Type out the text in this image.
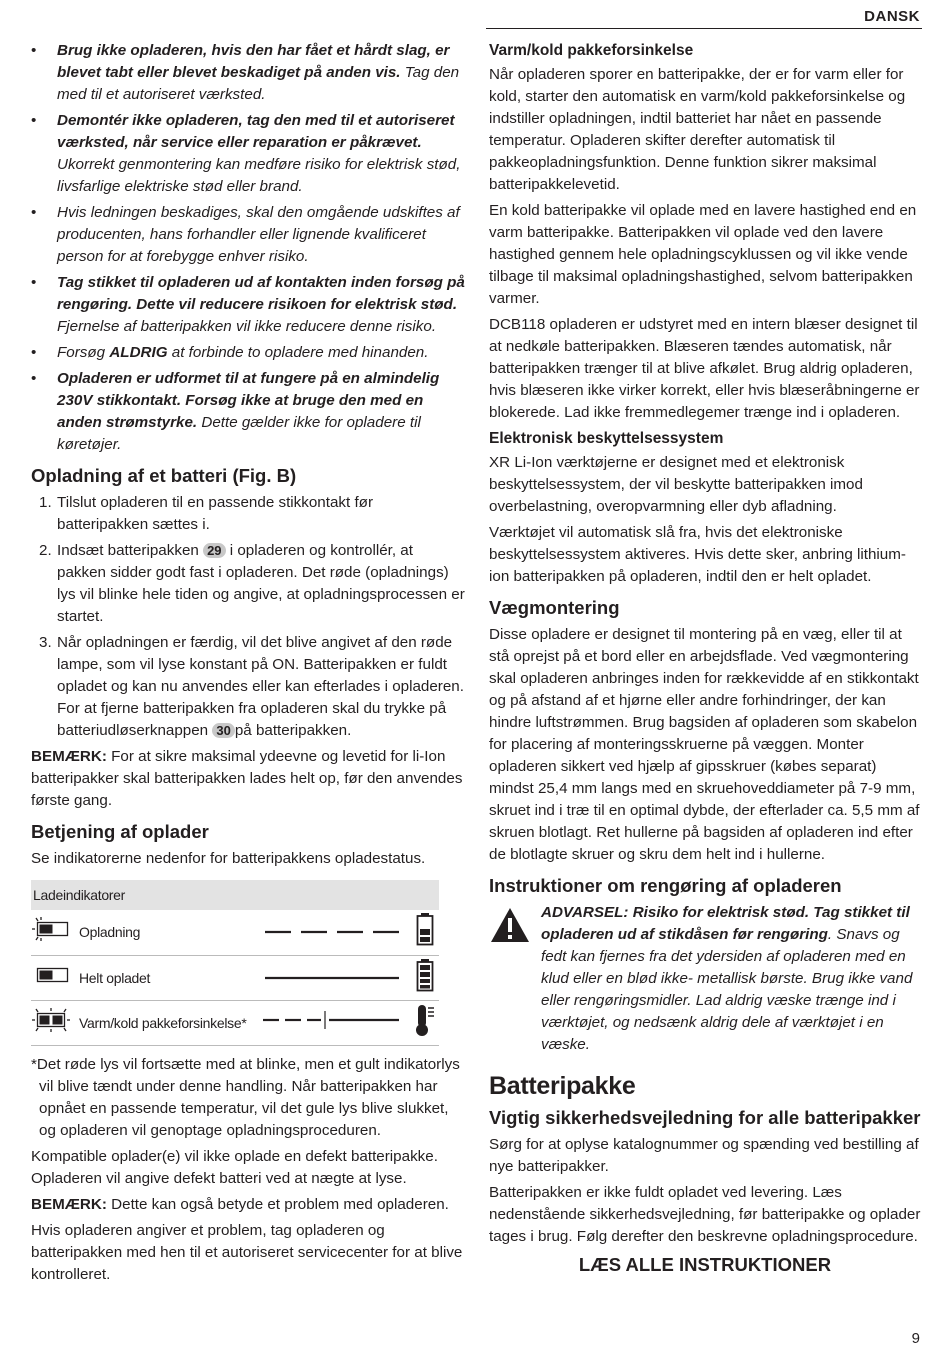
DANSK
• Brug ikke opladeren, hvis den har fået et hårdt slag, er blevet tabt eller blevet beskadiget på anden vis. Tag den med til et autoriseret værksted.
• Demontér ikke opladeren, tag den med til et autoriseret værksted, når service eller reparation er påkrævet. Ukorrekt genmontering kan medføre risiko for elektrisk stød, livsfarlige elektriske stød eller brand.
• Hvis ledningen beskadiges, skal den omgående udskiftes af producenten, hans forhandler eller lignende kvalificeret person for at forebygge enhver risiko.
• Tag stikket til opladeren ud af kontakten inden forsøg på rengøring. Dette vil reducere risikoen for elektrisk stød. Fjernelse af batteripakken vil ikke reducere denne risiko.
• Forsøg ALDRIG at forbinde to opladere med hinanden.
• Opladeren er udformet til at fungere på en almindelig 230V stikkontakt. Forsøg ikke at bruge den med en anden strømstyrke. Dette gælder ikke for opladere til køretøjer.
Opladning af et batteri (Fig. B)
1. Tilslut opladeren til en passende stikkontakt før batteripakken sættes i.
2. Indsæt batteripakken 29 i opladeren og kontrollér, at pakken sidder godt fast i opladeren. Det røde (opladnings) lys vil blinke hele tiden og angive, at opladningsprocessen er startet.
3. Når opladningen er færdig, vil det blive angivet af den røde lampe, som vil lyse konstant på ON. Batteripakken er fuldt opladet og kan nu anvendes eller kan efterlades i opladeren. For at fjerne batteripakken fra opladeren skal du trykke på batteriudløserknappen 30 på batteripakken.

BEMÆRK: For at sikre maksimal ydeevne og levetid for li-Ion batteripakker skal batteripakken lades helt op, før den anvendes første gang.

Betjening af oplader

Se indikatorerne nedenfor for batteripakkens opladestatus.

Ladeindikatorer			
	Opladning		
	Helt opladet		
	Varm/kold pakkeforsinkelse*		

*Det røde lys vil fortsætte med at blinke, men et gult indikatorlys vil blive tændt under denne handling. Når batteripakken har opnået en passende temperatur, vil det gule lys blive slukket, og opladeren vil genoptage opladningsproceduren.

Kompatible oplader(e) vil ikke oplade en defekt batteripakke. Opladeren vil angive defekt batteri ved at nægte at lyse.

BEMÆRK: Dette kan også betyde et problem med opladeren.

Hvis opladeren angiver et problem, tag opladeren og batteripakken med hen til et autoriseret servicecenter for at blive kontrolleret.

Varm/kold pakkeforsinkelse

Når opladeren sporer en batteripakke, der er for varm eller for kold, starter den automatisk en varm/kold pakkeforsinkelse og indstiller opladningen, indtil batteriet har nået en passende temperatur. Opladeren skifter derefter automatisk til pakkeopladningsfunktion. Denne funktion sikrer maksimal batteripakkelevetid.

En kold batteripakke vil oplade med en lavere hastighed end en varm batteripakke. Batteripakken vil oplade ved den lavere hastighed gennem hele opladningscyklussen og vil ikke vende tilbage til maksimal opladningshastighed, selvom batteripakken varmer.

DCB118 opladeren er udstyret med en intern blæser designet til at nedkøle batteripakken. Blæseren tændes automatisk, når batteripakken trænger til at blive afkølet. Brug aldrig opladeren, hvis blæseren ikke virker korrekt, eller hvis blæseråbningerne er blokerede. Lad ikke fremmedlegemer trænge ind i opladeren.

Elektronisk beskyttelsessystem

XR Li-Ion værktøjerne er designet med et elektronisk beskyttelsessystem, der vil beskytte batteripakken imod overbelastning, overopvarmning eller dyb afladning.

Værktøjet vil automatisk slå fra, hvis det elektroniske beskyttelsessystem aktiveres. Hvis dette sker, anbring lithium-ion batteripakken på opladeren, indtil den er helt opladet.

Vægmontering

Disse opladere er designet til montering på en væg, eller til at stå oprejst på et bord eller en arbejdsflade. Ved vægmontering skal opladeren anbringes inden for rækkevidde af en stikkontakt og på afstand af et hjørne eller andre forhindringer, der kan hindre luftstrømmen. Brug bagsiden af opladeren som skabelon for placering af monteringsskruerne på væggen. Monter opladeren sikkert ved hjælp af gipsskruer (købes separat) mindst 25,4 mm langs med en skruehoveddiameter på 7-9 mm, skruet ind i træ til en optimal dybde, der efterlader ca. 5,5 mm af skruen blotlagt. Ret hullerne på bagsiden af opladeren ind efter de blotlagte skruer og skru dem helt ind i hullerne.

Instruktioner om rengøring af opladeren
ADVARSEL: Risiko for elektrisk stød. Tag stikket til opladeren ud af stikdåsen før rengøring. Snavs og fedt kan fjernes fra det ydersiden af opladeren med en klud eller en blød ikke- metallisk børste. Brug ikke vand eller rengøringsmidler. Lad aldrig væske trænge ind i værktøjet, og nedsænk aldrig dele af værktøjet i en væske.
Batteripakke
Vigtig sikkerhedsvejledning for alle batteripakker

Sørg for at oplyse katalognummer og spænding ved bestilling af nye batteripakker.

Batteripakken er ikke fuldt opladet ved levering. Læs nedenstående sikkerhedsvejledning, før batteripakke og oplader tages i brug. Følg derefter den beskrevne opladningsprocedure.

LÆS ALLE INSTRUKTIONER
9
